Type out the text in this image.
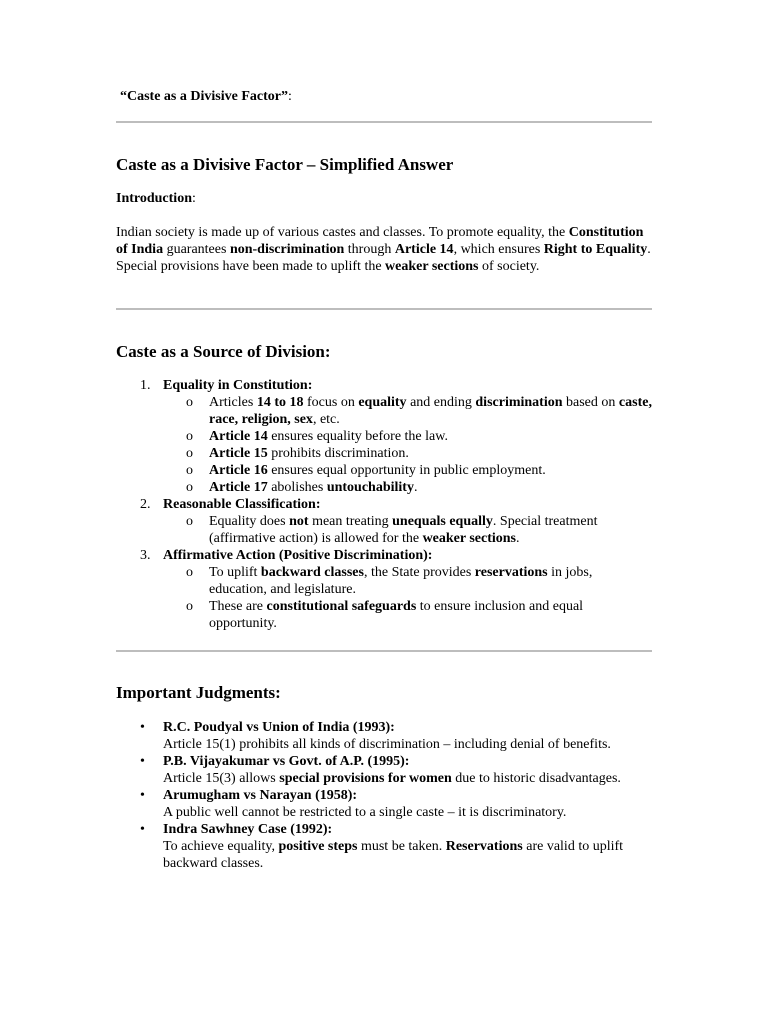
“Caste as a Divisive Factor”:
Caste as a Divisive Factor – Simplified Answer
Introduction:

Indian society is made up of various castes and classes. To promote equality, the Constitution of India guarantees non-discrimination through Article 14, which ensures Right to Equality. Special provisions have been made to uplift the weaker sections of society.

Caste as a Source of Division:
1. Equality in Constitution:
o Articles 14 to 18 focus on equality and ending discrimination based on caste, race, religion, sex, etc.
o Article 14 ensures equality before the law.
o Article 15 prohibits discrimination.
o Article 16 ensures equal opportunity in public employment.
o Article 17 abolishes untouchability.
2. Reasonable Classification:
o Equality does not mean treating unequals equally. Special treatment (affirmative action) is allowed for the weaker sections.
3. Affirmative Action (Positive Discrimination):
o To uplift backward classes, the State provides reservations in jobs, education, and legislature.
o These are constitutional safeguards to ensure inclusion and equal opportunity.
Important Judgments:
• R.C. Poudyal vs Union of India (1993):
Article 15(1) prohibits all kinds of discrimination – including denial of benefits.
• P.B. Vijayakumar vs Govt. of A.P. (1995):
Article 15(3) allows special provisions for women due to historic disadvantages.
• Arumugham vs Narayan (1958):
A public well cannot be restricted to a single caste – it is discriminatory.
• Indra Sawhney Case (1992):
To achieve equality, positive steps must be taken. Reservations are valid to uplift backward classes.
